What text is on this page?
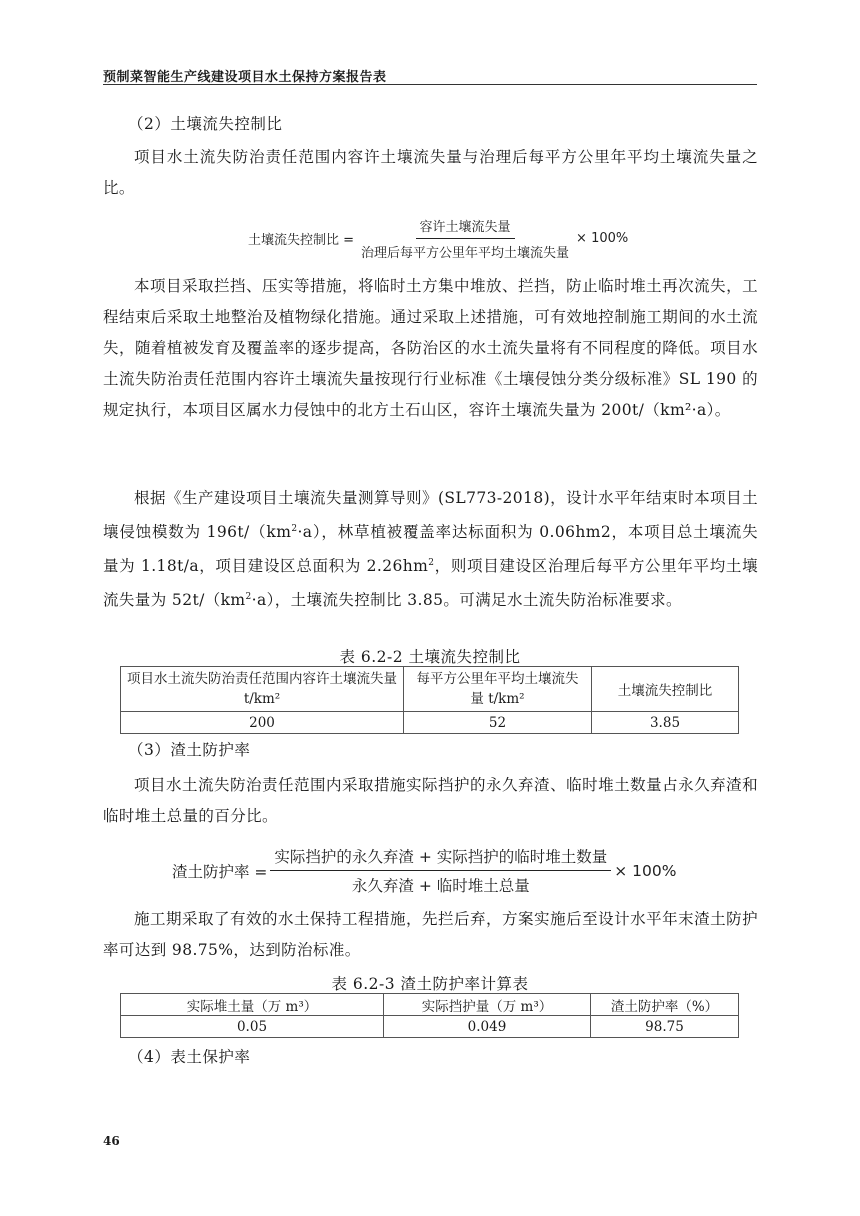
预制菜智能生产线建设项目水土保持方案报告表
（2）土壤流失控制比

项目水土流失防治责任范围内容许土壤流失量与治理后每平方公里年平均土壤流失量之比。

土壤流失控制比 = $\frac{\text{容许土壤流失量}}{\text{治理后每平方公里年平均土壤流失量}} \times 100\%$

本项目采取拦挡、压实等措施，将临时土方集中堆放、拦挡，防止临时堆土再次流失，工程结束后采取土地整治及植物绿化措施。通过采取上述措施，可有效地控制施工期间的水土流失，随着植被发育及覆盖率的逐步提高，各防治区的水土流失量将有不同程度的降低。项目水土流失防治责任范围内容许土壤流失量按现行行业标准《土壤侵蚀分类分级标准》SL 190 的规定执行，本项目区属水力侵蚀中的北方土石山区，容许土壤流失量为 200t/（km²·a）。

根据《生产建设项目土壤流失量测算导则》(SL773-2018)，设计水平年结束时本项目土壤侵蚀模数为 $196t/(km^2\cdot a)$，林草植被覆盖率达标面积为 0.06hm2，本项目总土壤流失量为 1.18t/a，项目建设区总面积为 $2.26hm^2$，则项目建设区治理后每平方公里年平均土壤流失量为 $52t/(km^2\cdot a)$，土壤流失控制比 3.85。可满足水土流失防治标准要求。

表 6.2-2 土壤流失控制比
项目水土流失防治责任范围内容许土壤流失量 t/km²	每平方公里年平均土壤流失量 t/km²	土壤流失控制比
200	52	3.85
（3）渣土防护率

项目水土流失防治责任范围内采取措施实际挡护的永久弃渣、临时堆土数量占永久弃渣和临时堆土总量的百分比。

渣土防护率 = $\frac{\text{实际挡护的永久弃渣 + 实际挡护的临时堆土数量}}{\text{永久弃渣 + 临时堆土总量}} \times 100\%$

施工期采取了有效的水土保持工程措施，先拦后弃，方案实施后至设计水平年末渣土防护率可达到 98.75%，达到防治标准。

表 6.2-3 渣土防护率计算表
实际堆土量（万 m³）	实际挡护量（万 m³）	渣土防护率（%）
0.05	0.049	98.75
（4）表土保护率
46
